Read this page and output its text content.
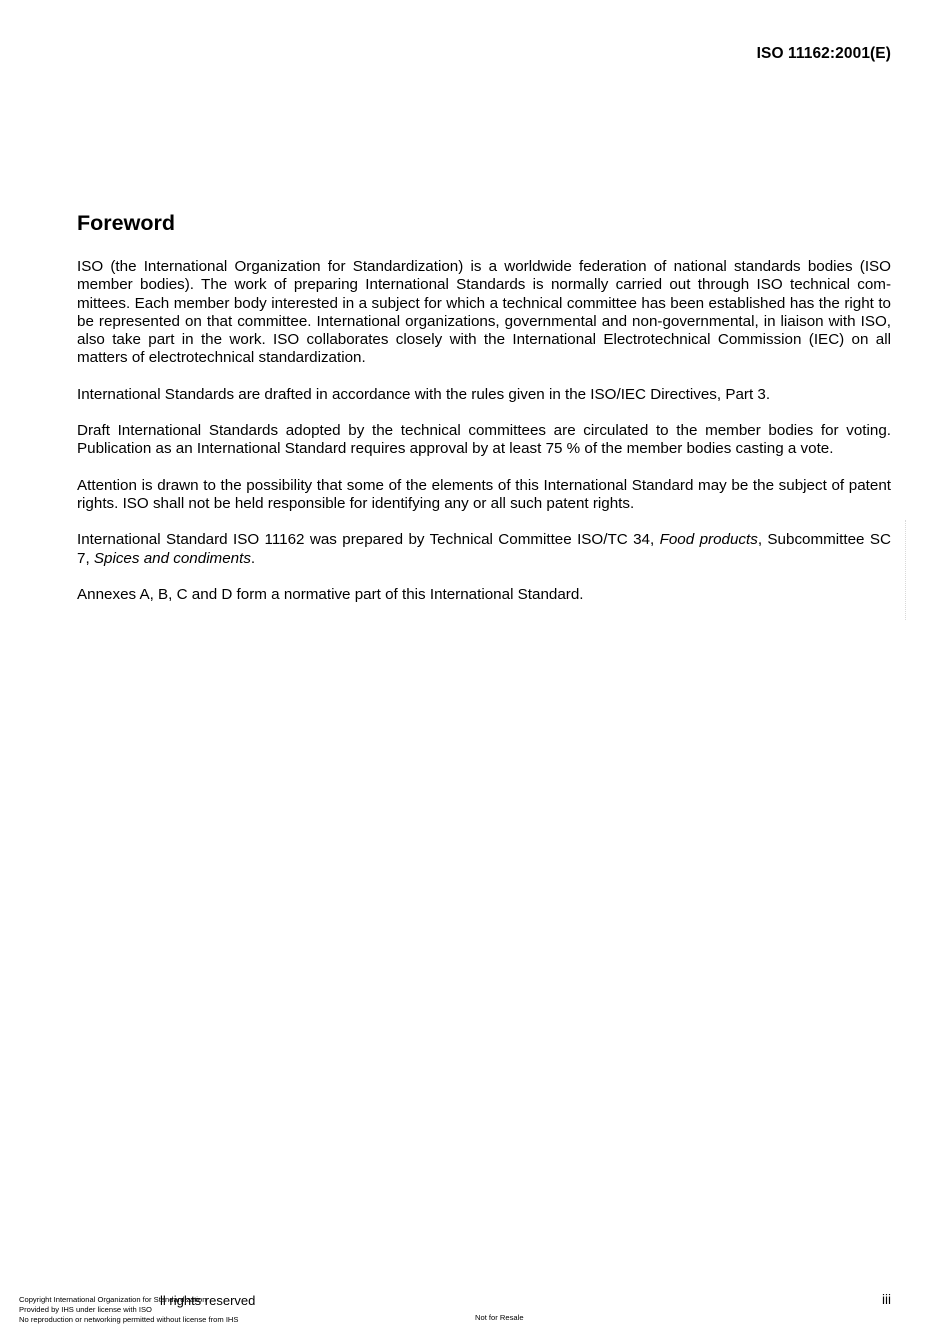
ISO 11162:2001(E)
Foreword

ISO (the International Organization for Standardization) is a worldwide federation of national standards bodies (ISO member bodies). The work of preparing International Standards is normally carried out through ISO technical committees. Each member body interested in a subject for which a technical committee has been established has the right to be represented on that committee. International organizations, governmental and non-governmental, in liaison with ISO, also take part in the work. ISO collaborates closely with the International Electrotechnical Commission (IEC) on all matters of electrotechnical standardization.

International Standards are drafted in accordance with the rules given in the ISO/IEC Directives, Part 3.

Draft International Standards adopted by the technical committees are circulated to the member bodies for voting. Publication as an International Standard requires approval by at least 75 % of the member bodies casting a vote.

Attention is drawn to the possibility that some of the elements of this International Standard may be the subject of patent rights. ISO shall not be held responsible for identifying any or all such patent rights.

International Standard ISO 11162 was prepared by Technical Committee ISO/TC 34, Food products, Subcommittee SC 7, Spices and condiments.

Annexes A, B, C and D form a normative part of this International Standard.

ll rights reserved
Copyright International Organization for Standardization
Provided by IHS under license with ISO
No reproduction or networking permitted without license from IHS	Not for Resale
iii
